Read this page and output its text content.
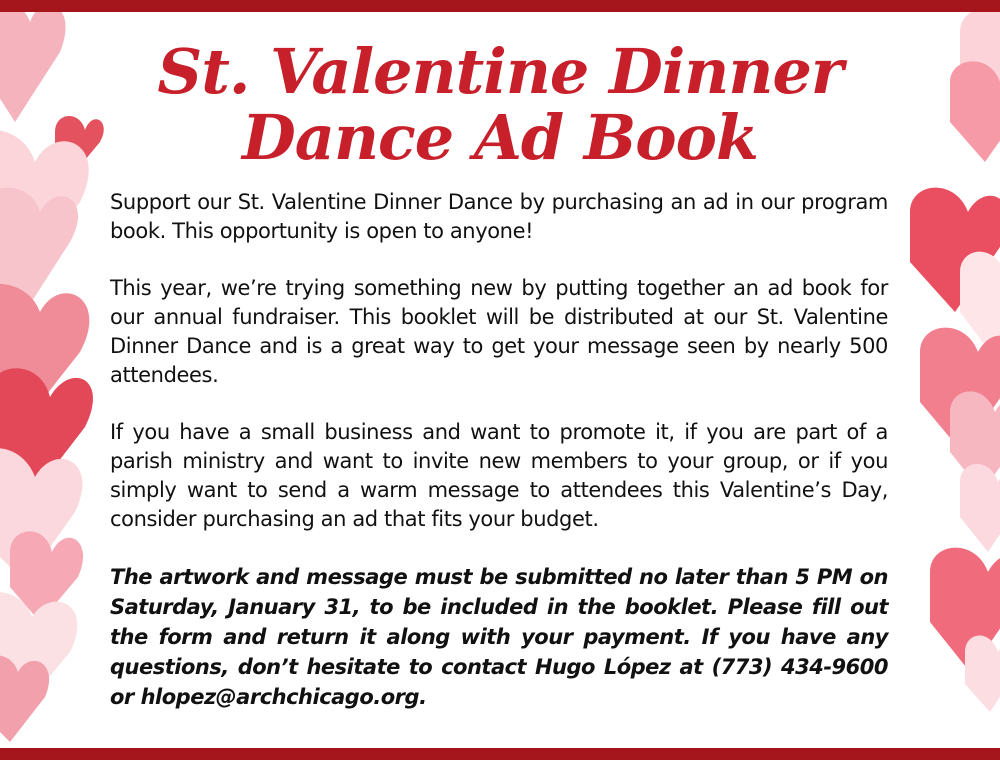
St. Valentine Dinner
Dance Ad Book

Support our St. Valentine Dinner Dance by purchasing an ad in our program book. This opportunity is open to anyone!

This year, we’re trying something new by putting together an ad book for our annual fundraiser. This booklet will be distributed at our St. Valentine Dinner Dance and is a great way to get your message seen by nearly 500 attendees.

If you have a small business and want to promote it, if you are part of a parish ministry and want to invite new members to your group, or if you simply want to send a warm message to attendees this Valentine’s Day, consider purchasing an ad that fits your budget.

The artwork and message must be submitted no later than 5 PM on Saturday, January 31, to be included in the booklet. Please fill out the form and return it along with your payment. If you have any questions, don’t hesitate to contact Hugo López at (773) 434-9600 or hlopez@archchicago.org.
